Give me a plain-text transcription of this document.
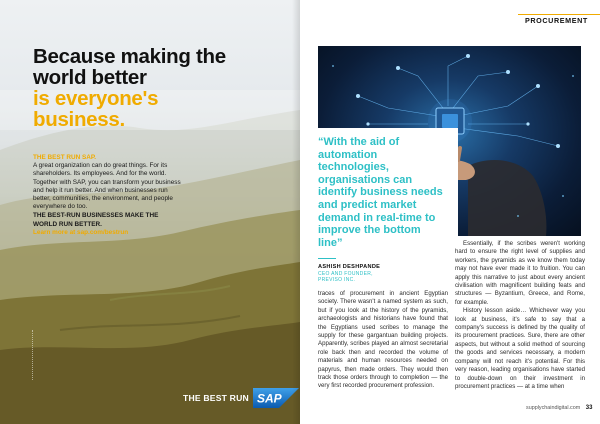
Because making the world better
is everyone's business.
THE BEST RUN SAP.
A great organization can do great things. For its shareholders. Its employees. And for the world. Together with SAP, you can transform your business and help it run better. And when businesses run better, communities, the environment, and people everywhere do too.
THE BEST-RUN BUSINESSES MAKE THE WORLD RUN BETTER.
Learn more at sap.com/bestrun
THE BEST RUN SAP
PROCUREMENT
“With the aid of automation technologies, organisations can identify business needs and predict market demand in real-time to improve the bottom line”
ASHISH DESHPANDE
CEO AND FOUNDER,
PREVISO INC.

traces of procurement in ancient Egyptian society. There wasn't a named system as such, but if you look at the history of the pyramids, archaeologists and historians have found that the Egyptians used scribes to manage the supply for these gargantuan building projects. Apparently, scribes played an almost secretarial role back then and recorded the volume of materials and human resources needed on papyrus, then made orders. They would then track those orders through to completion — the very first recorded procurement profession.

Essentially, if the scribes weren't working hard to ensure the right level of supplies and workers, the pyramids as we know them today may not have ever made it to fruition. You can apply this narrative to just about every ancient civilisation with magnificent building feats and structures — Byzantium, Greece, and Rome, for example.

History lesson aside… Whichever way you look at business, it's safe to say that a company's success is defined by the quality of its procurement practices. Sure, there are other aspects, but without a solid method of sourcing the goods and services necessary, a modern company will not reach it's potential. For this very reason, leading organisations have started to double-down on their investment in procurement practices — at a time when

supplychaindigital.com 33
